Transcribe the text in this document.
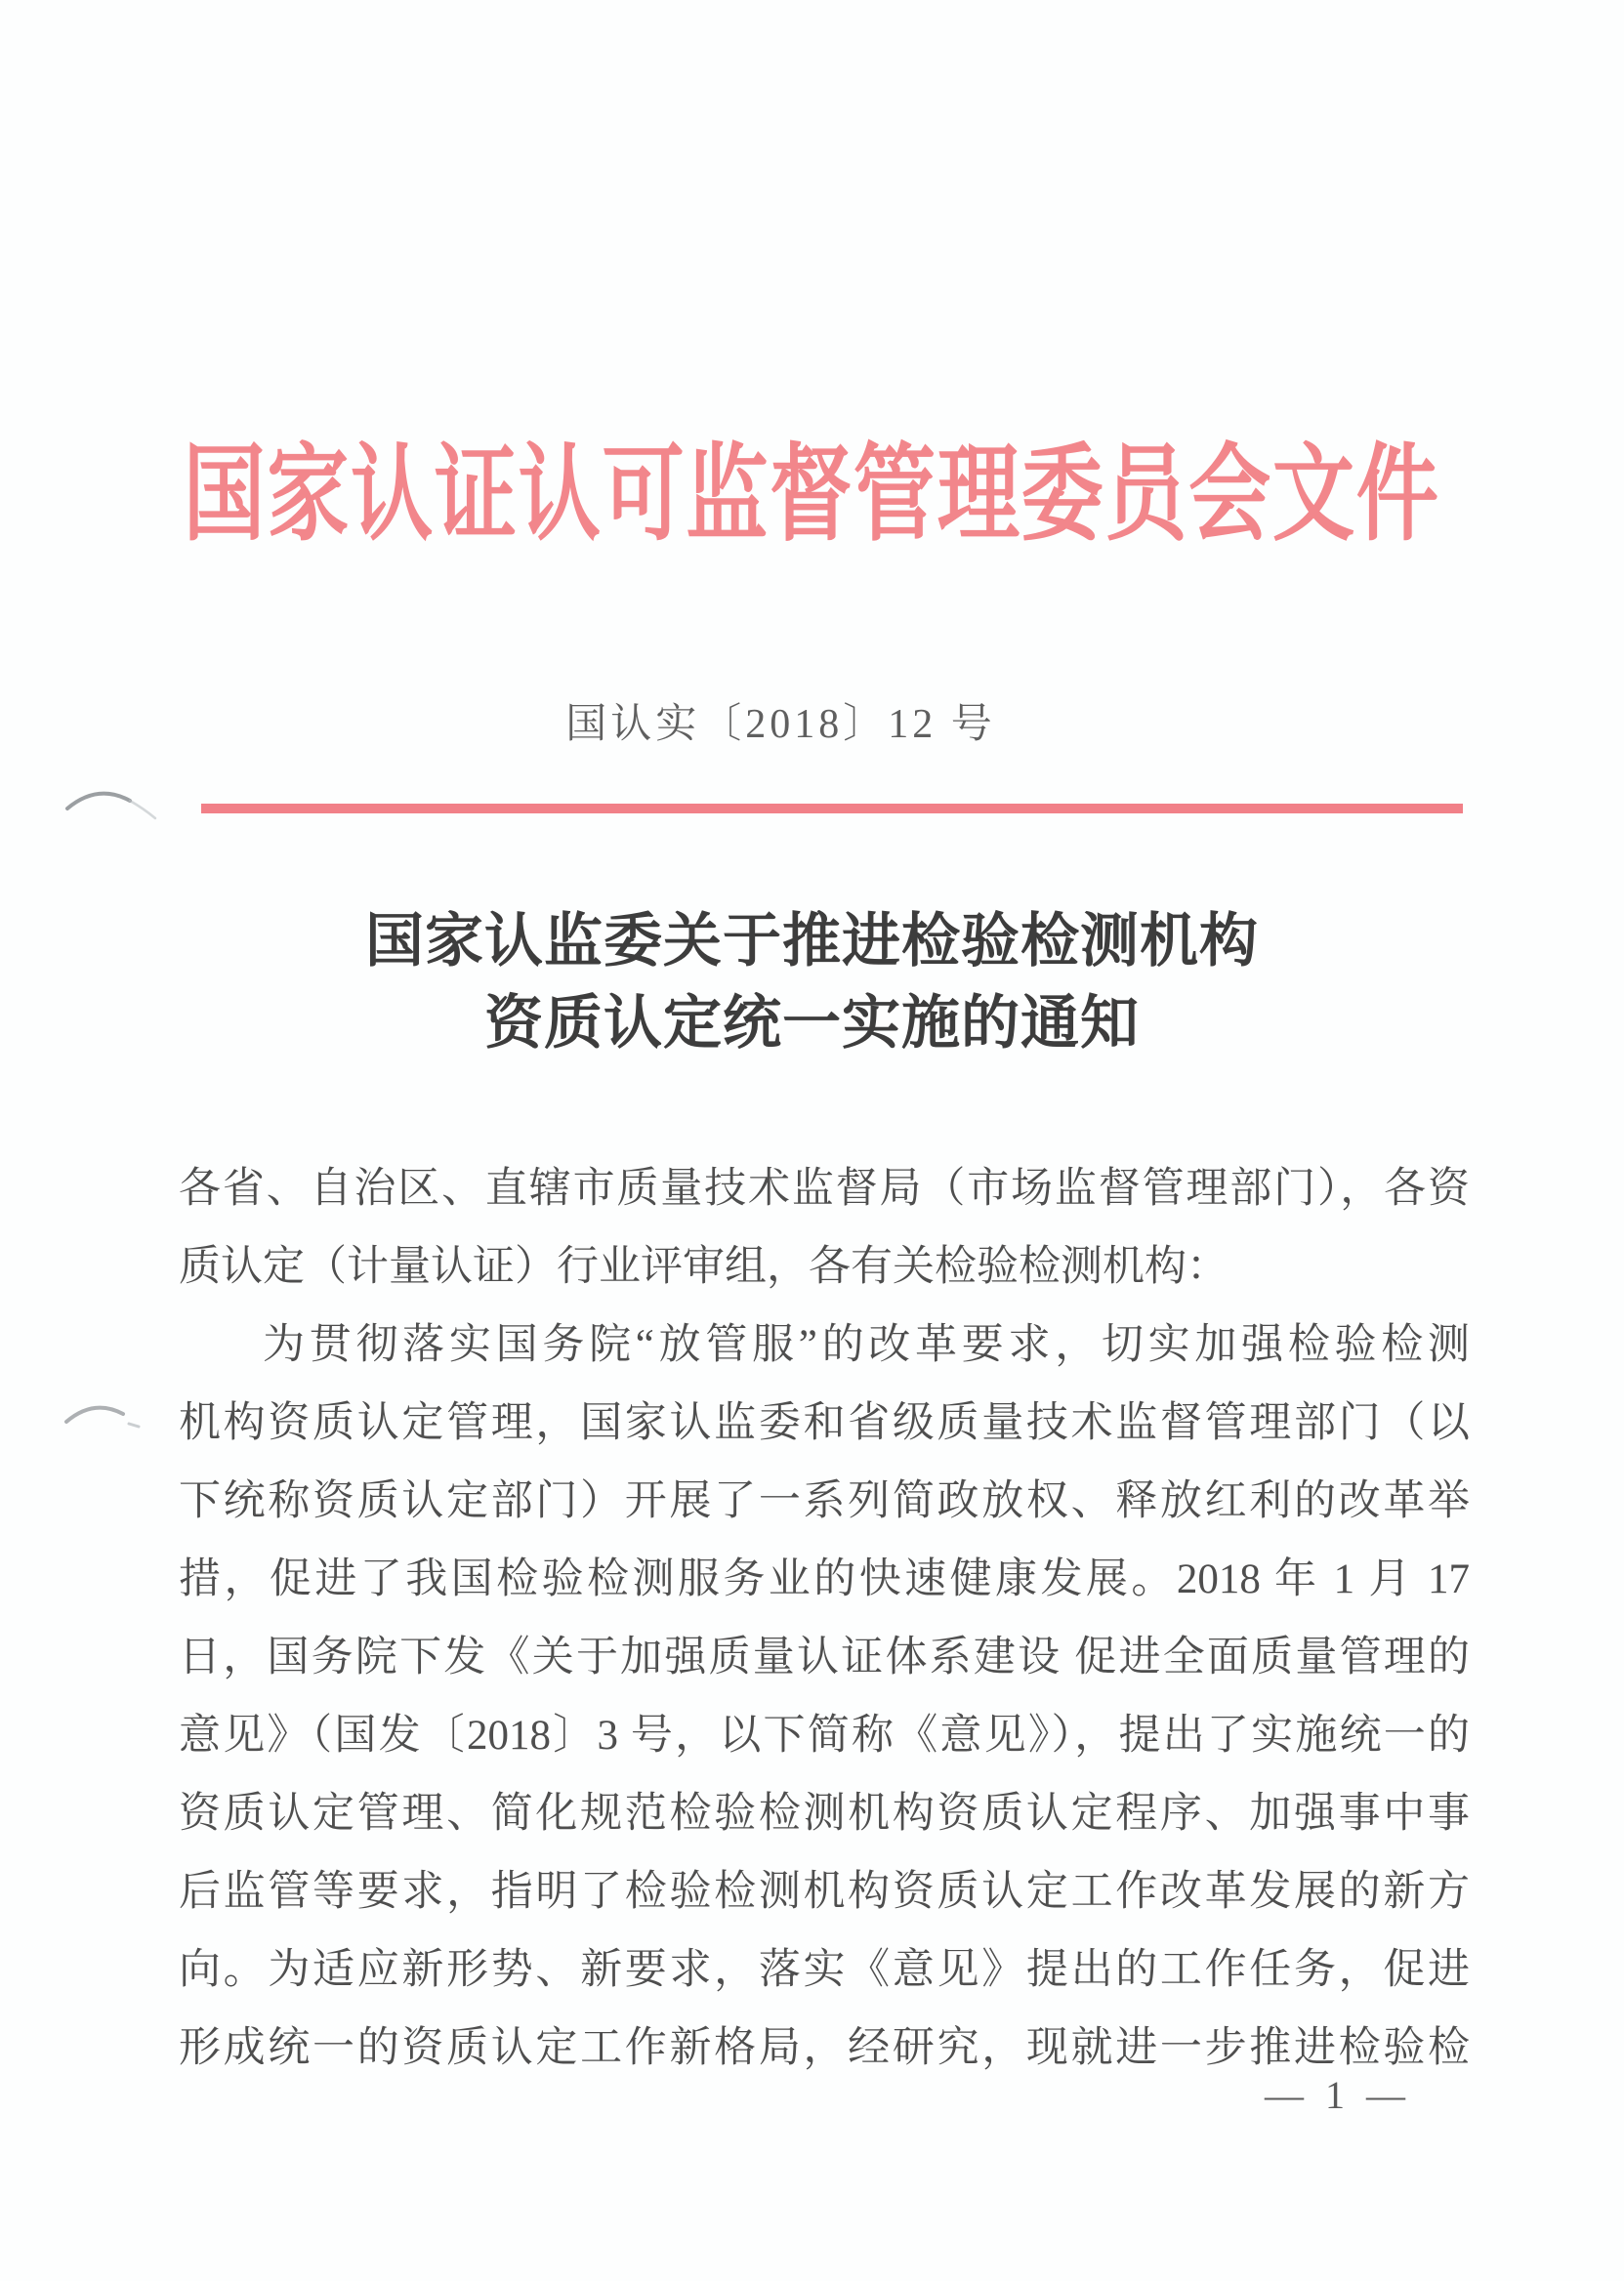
国家认证认可监督管理委员会文件
国认实〔2018〕12 号
国家认监委关于推进检验检测机构
资质认定统一实施的通知
各省、自治区、直辖市质量技术监督局（市场监督管理部门），各资
质认定（计量认证）行业评审组，各有关检验检测机构：
为贯彻落实国务院“放管服”的改革要求，切实加强检验检测
机构资质认定管理，国家认监委和省级质量技术监督管理部门（以
下统称资质认定部门）开展了一系列简政放权、释放红利的改革举
措，促进了我国检验检测服务业的快速健康发展。2018 年 1 月 17
日，国务院下发《关于加强质量认证体系建设 促进全面质量管理的
意见》（国发〔2018〕3 号，以下简称《意见》），提出了实施统一的
资质认定管理、简化规范检验检测机构资质认定程序、加强事中事
后监管等要求，指明了检验检测机构资质认定工作改革发展的新方
向。为适应新形势、新要求，落实《意见》提出的工作任务，促进
形成统一的资质认定工作新格局，经研究，现就进一步推进检验检
— 1 —
